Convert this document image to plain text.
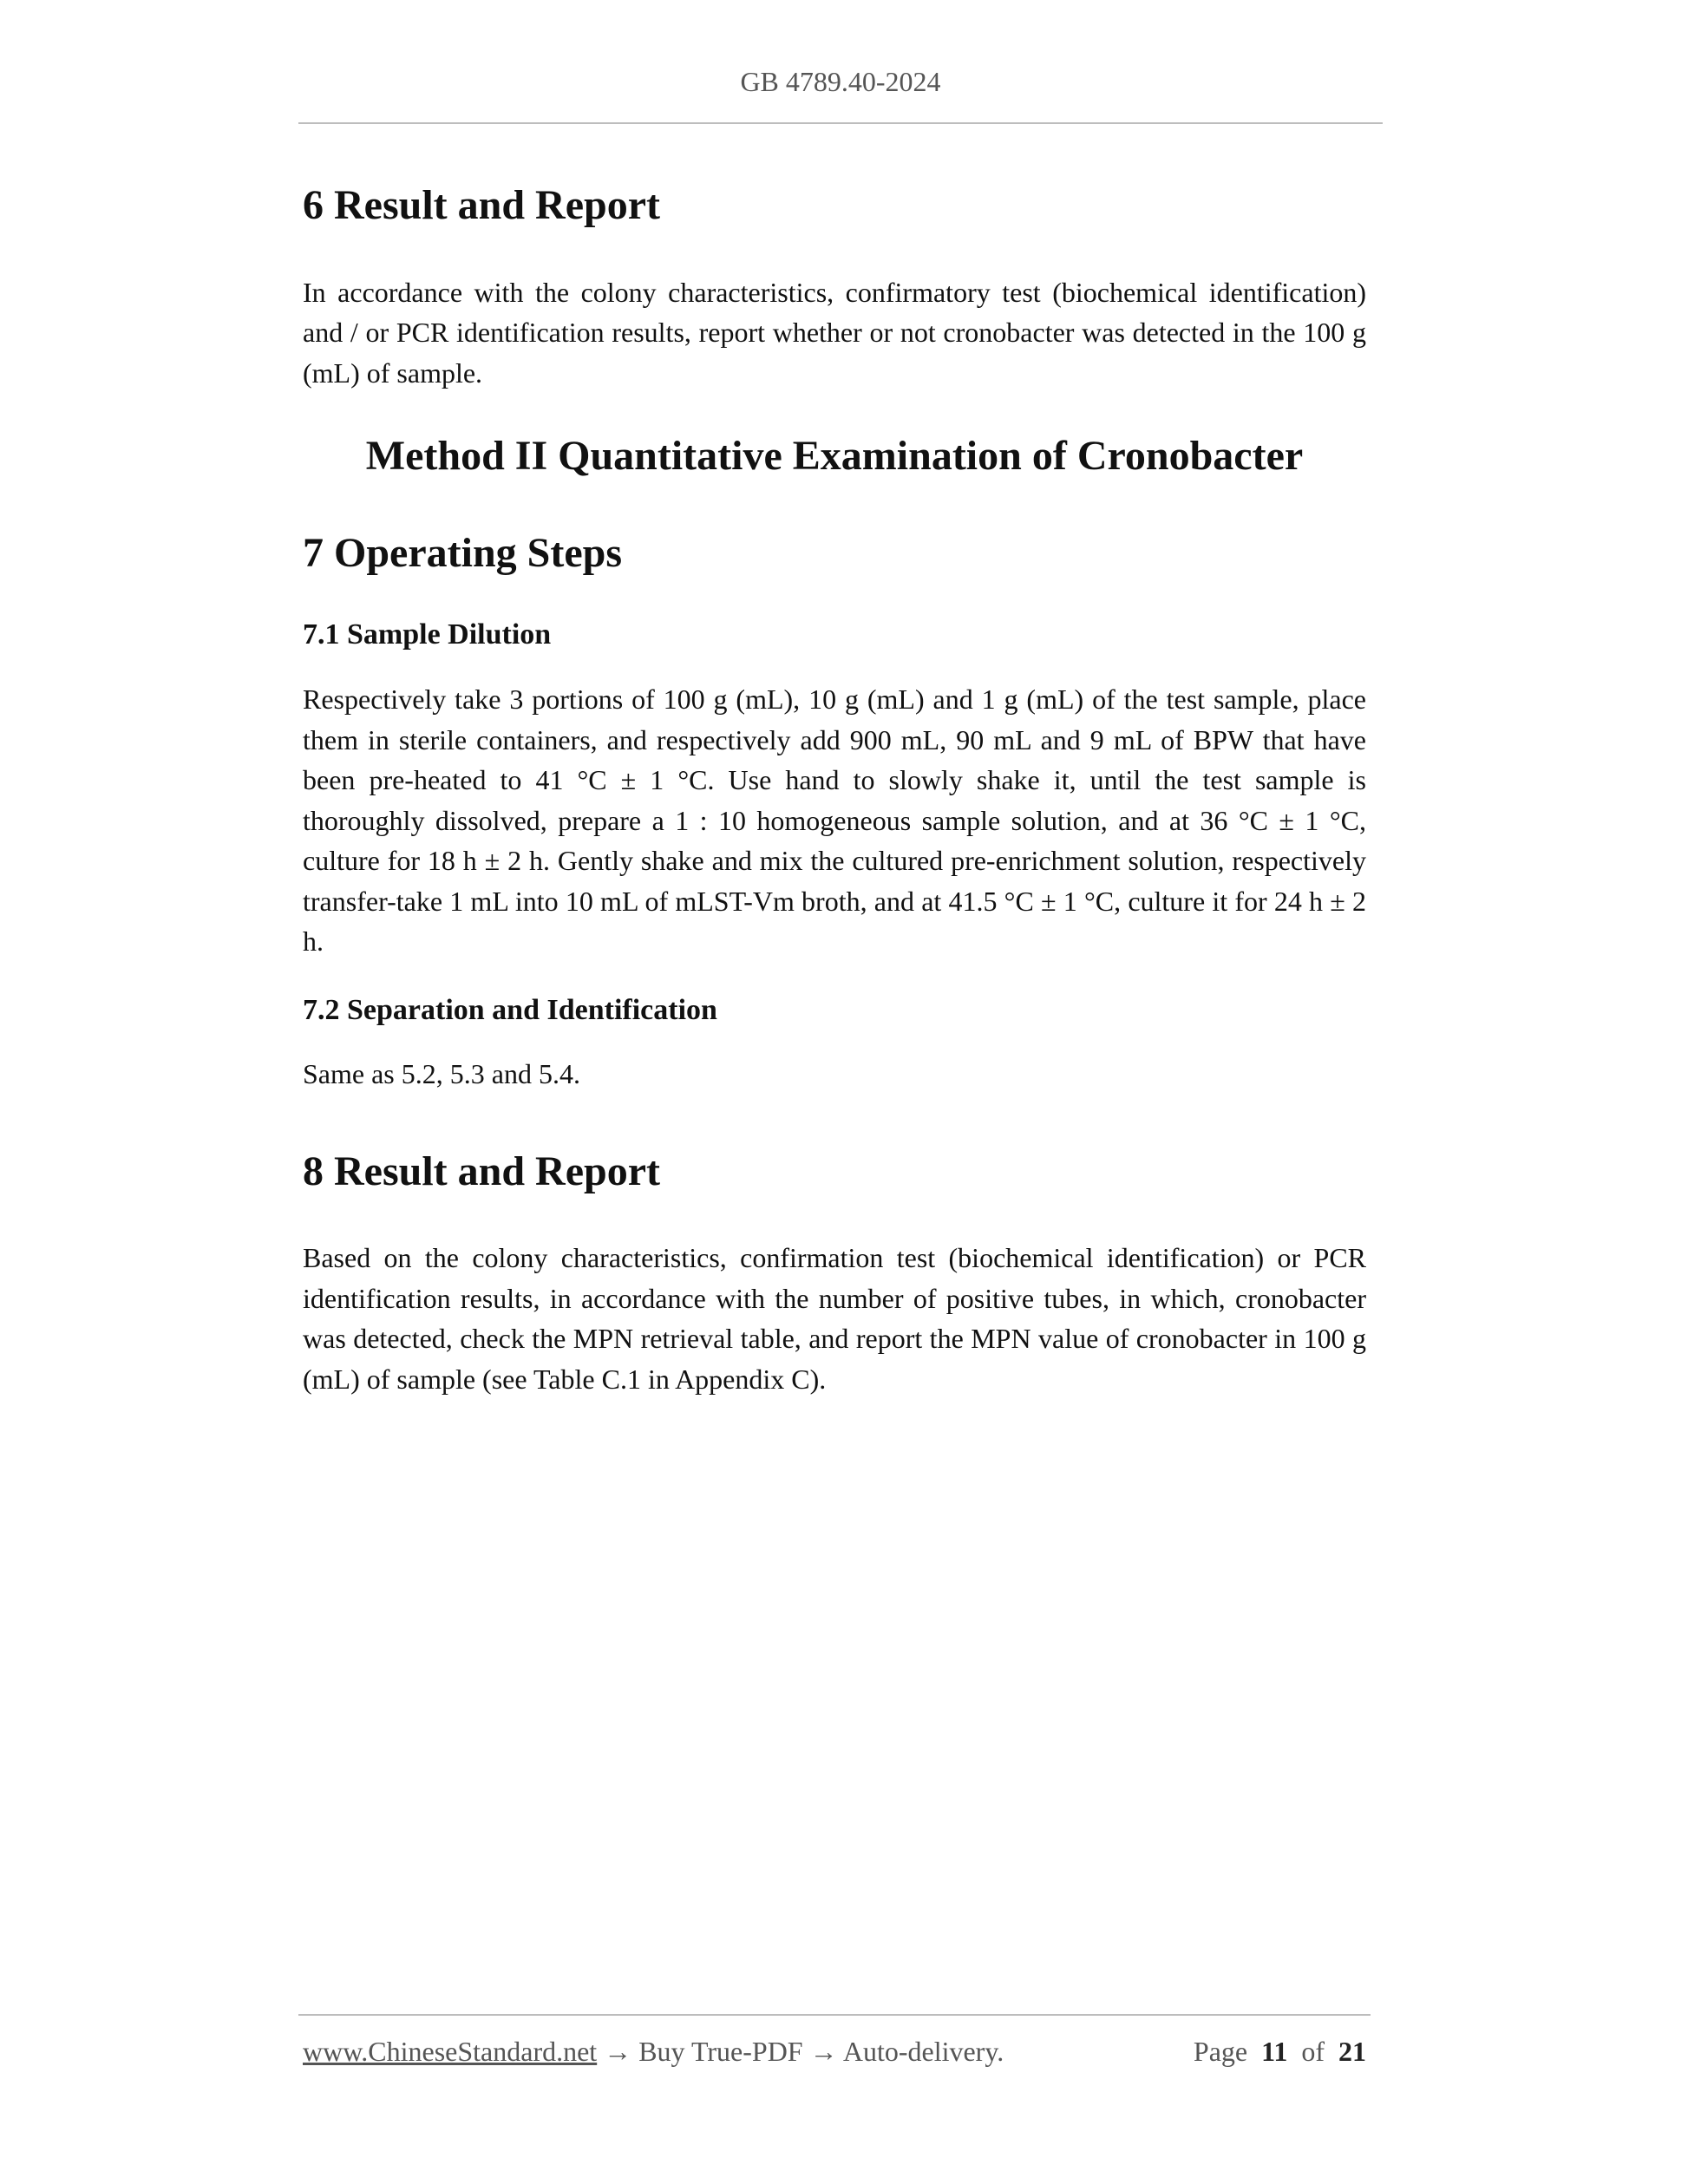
GB 4789.40-2024
6 Result and Report

In accordance with the colony characteristics, confirmatory test (biochemical identification) and / or PCR identification results, report whether or not cronobacter was detected in the 100 g (mL) of sample.

Method II Quantitative Examination of Cronobacter
7 Operating Steps
7.1 Sample Dilution

Respectively take 3 portions of 100 g (mL), 10 g (mL) and 1 g (mL) of the test sample, place them in sterile containers, and respectively add 900 mL, 90 mL and 9 mL of BPW that have been pre-heated to 41 °C ± 1 °C. Use hand to slowly shake it, until the test sample is thoroughly dissolved, prepare a 1 : 10 homogeneous sample solution, and at 36 °C ± 1 °C, culture for 18 h ± 2 h. Gently shake and mix the cultured pre-enrichment solution, respectively transfer-take 1 mL into 10 mL of mLST-Vm broth, and at 41.5 °C ± 1 °C, culture it for 24 h ± 2 h.

7.2 Separation and Identification

Same as 5.2, 5.3 and 5.4.

8 Result and Report

Based on the colony characteristics, confirmation test (biochemical identification) or PCR identification results, in accordance with the number of positive tubes, in which, cronobacter was detected, check the MPN retrieval table, and report the MPN value of cronobacter in 100 g (mL) of sample (see Table C.1 in Appendix C).

www.ChineseStandard.net → Buy True-PDF → Auto-delivery.	Page 11 of 21
